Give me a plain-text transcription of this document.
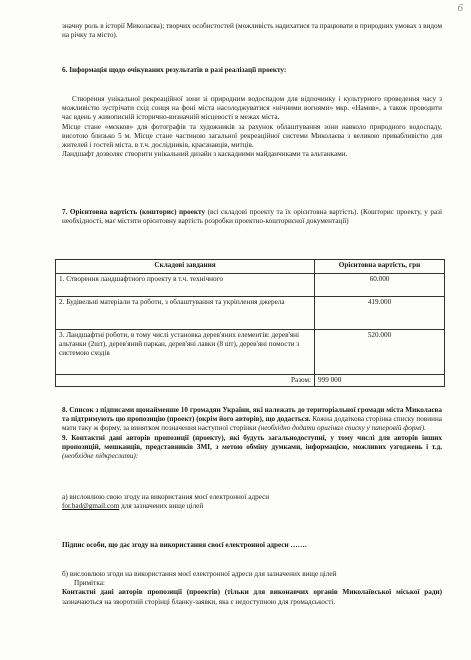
6

значну роль в історії Миколаєва); творчих особистостей (можливість надихатися та працювати в природних умовах з видом на річку та місто).

6. Інформація щодо очікуваних результатів в разі реалізації проекту:

Створення унікальної рекреаційної зони зі природним водоспадом для відпочинку і культурного проведення часу з можливістю зустрічати схід сонця на фоні міста насолоджуватися «нічними вогнями» мкр. «Намив», а також проводити час вдень у живописній історично-визначній місцевості в межах міста.

Місце стане «мєкков» для фотографів та художників за рахунок облаштування зони навколо природного водоспаду, висотою близько 5 м. Місце стане частиною загальної рекреаційної системи Миколаєва з великою привабливістю для жителей і гостей міста, в т.ч. дослідників, краєзнавців, митців.

Ландшафт дозволяє створити унікальний дизайн з каскадними майданчиками та альтанками.

7. Орієнтовна вартість (кошторис) проекту (всі складові проекту та їх орієнтовна вартість). (Кошторис проекту, у разі необхідності, має містити орієнтовну вартість розробки проектно-кошторисної документації)

Складові завдання	Орієнтовна вартість, грн
1. Створення ландшафтного проекту в т.ч. технічного	60.000
2. Будівельні матеріали та роботи, з облаштування та укріплення джерела	419.000
3. Ландшафтні роботи, в тому числі установка дерев'яних елементів: дерев'яні альтанки (2шт), дерев'яний паркан, дерев'яні лавки (8 шт), дерев'яні помости з системою сходів	520.000
Разом:	999 000

8. Список з підписами щонайменше 10 громадян України, які належать до територіальної громади міста Миколаєва та підтримують цю пропозицію (проект) (окрім його авторів), що додається. Кожна додаткова сторінка списку повинна мати таку ж форму, за винятком позначення наступної сторінки (необхідно додати оригінал списку у паперовій формі).

9. Контактні дані авторів пропозиції (проекту), які будуть загальнодоступні, у тому числі для авторів інших пропозицій, мешканців, представників ЗМІ, з метою обміну думками, інформацією, можливих узгоджень і т.д. (необхідне підкреслити):

а) висловлюю свою згоду на використання моєї електронної адреси

for.bad@gmail.com для зазначених вище цілей

Підпис особи, що дає згоду на використання своєї електронної адреси …….

б) висловлюю згоди на використання моєї електронної адреси для зазначених вище цілей

Примітка:

Контактні дані авторів пропозиції (проектів) (тільки для виконавчих органів Миколаївської міської ради) зазначаються на зворотній сторінці бланку-заявки, яка є недоступною для громадськості.
